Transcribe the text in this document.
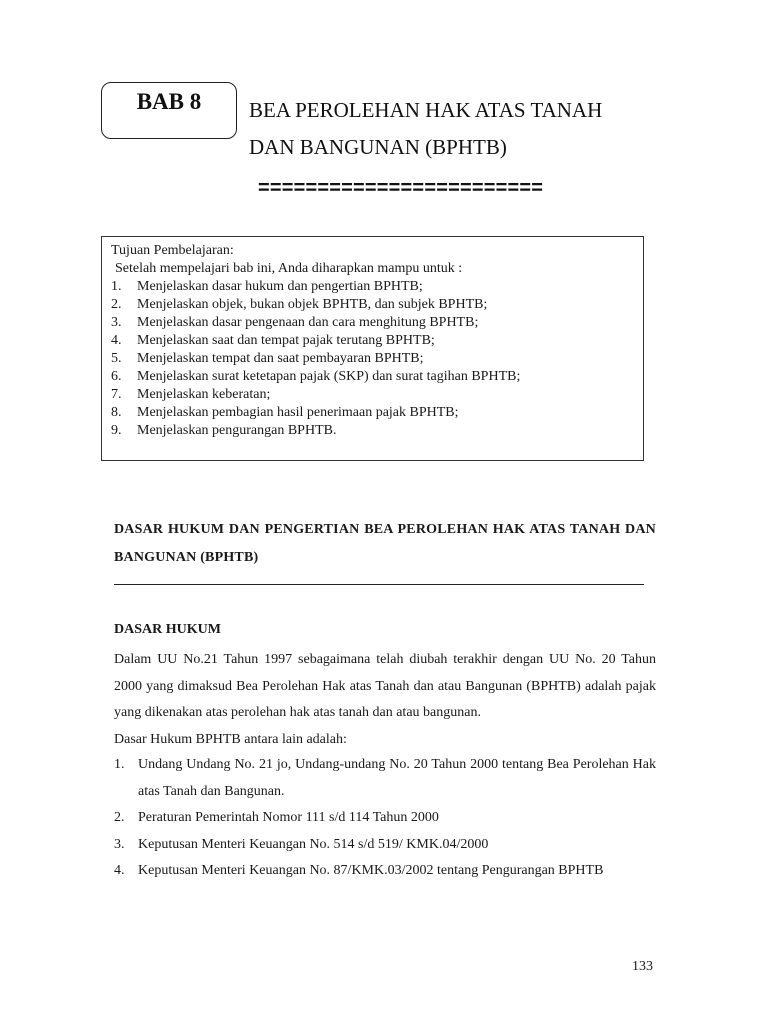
BAB 8	BEA PEROLEHAN HAK ATAS TANAH
DAN BANGUNAN (BPHTB)
========================
Tujuan Pembelajaran:
Setelah mempelajari bab ini, Anda diharapkan mampu untuk :
1.	Menjelaskan dasar hukum dan pengertian BPHTB;
2.	Menjelaskan objek, bukan objek BPHTB, dan subjek BPHTB;
3.	Menjelaskan dasar pengenaan dan cara menghitung BPHTB;
4.	Menjelaskan saat dan tempat pajak terutang BPHTB;
5.	Menjelaskan tempat dan saat pembayaran BPHTB;
6.	Menjelaskan surat ketetapan pajak (SKP) dan surat tagihan BPHTB;
7.	Menjelaskan keberatan;
8.	Menjelaskan pembagian hasil penerimaan pajak BPHTB;
9.	Menjelaskan pengurangan BPHTB.
DASAR HUKUM DAN PENGERTIAN BEA PEROLEHAN HAK ATAS TANAH DAN BANGUNAN (BPHTB)
DASAR HUKUM
Dalam UU No.21 Tahun 1997 sebagaimana telah diubah terakhir dengan UU No. 20 Tahun 2000 yang dimaksud Bea Perolehan Hak atas Tanah dan atau Bangunan (BPHTB) adalah pajak yang dikenakan atas perolehan hak atas tanah dan atau bangunan.
Dasar Hukum BPHTB antara lain adalah:
1. Undang Undang No. 21 jo, Undang-undang No. 20 Tahun 2000 tentang Bea Perolehan Hak atas Tanah dan Bangunan.
2. Peraturan Pemerintah Nomor 111 s/d 114 Tahun 2000
3. Keputusan Menteri Keuangan No. 514 s/d 519/ KMK.04/2000
4. Keputusan Menteri Keuangan No. 87/KMK.03/2002 tentang Pengurangan BPHTB
133
